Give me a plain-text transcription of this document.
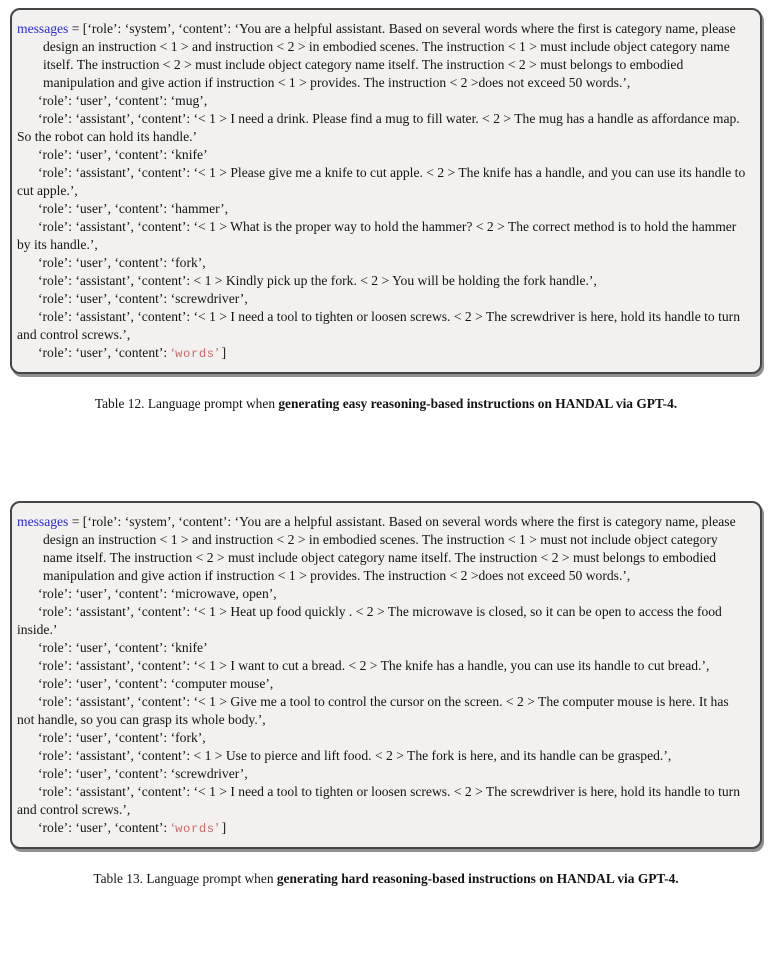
messages = [‘role’: ‘system’, ‘content’: ‘You are a helpful assistant. Based on several words where the first is category name, please design an instruction < 1 > and instruction < 2 > in embodied scenes. The instruction < 1 > must include object category name itself. The instruction < 2 > must include object category name itself. The instruction < 2 > must belongs to embodied manipulation and give action if instruction < 1 > provides. The instruction < 2 >does not exceed 50 words.’,

‘role’: ‘user’, ‘content’: ‘mug’,

‘role’: ‘assistant’, ‘content’: ‘< 1 > I need a drink. Please find a mug to fill water. < 2 > The mug has a handle as affordance map. So the robot can hold its handle.’

‘role’: ‘user’, ‘content’: ‘knife’

‘role’: ‘assistant’, ‘content’: ‘< 1 > Please give me a knife to cut apple. < 2 > The knife has a handle, and you can use its handle to cut apple.’,

‘role’: ‘user’, ‘content’: ‘hammer’,

‘role’: ‘assistant’, ‘content’: ‘< 1 > What is the proper way to hold the hammer? < 2 > The correct method is to hold the hammer by its handle.’,

‘role’: ‘user’, ‘content’: ‘fork’,

‘role’: ‘assistant’, ‘content’: < 1 > Kindly pick up the fork. < 2 > You will be holding the fork handle.’,

‘role’: ‘user’, ‘content’: ‘screwdriver’,

‘role’: ‘assistant’, ‘content’: ‘< 1 > I need a tool to tighten or loosen screws. < 2 > The screwdriver is here, hold its handle to turn and control screws.’,

‘role’: ‘user’, ‘content’: ‘words’ ]

Table 12. Language prompt when generating easy reasoning-based instructions on HANDAL via GPT-4.

messages = [‘role’: ‘system’, ‘content’: ‘You are a helpful assistant. Based on several words where the first is category name, please design an instruction < 1 > and instruction < 2 > in embodied scenes. The instruction < 1 > must not include object category name itself. The instruction < 2 > must include object category name itself. The instruction < 2 > must belongs to embodied manipulation and give action if instruction < 1 > provides. The instruction < 2 >does not exceed 50 words.’,

‘role’: ‘user’, ‘content’: ‘microwave, open’,

‘role’: ‘assistant’, ‘content’: ‘< 1 > Heat up food quickly . < 2 > The microwave is closed, so it can be open to access the food inside.’

‘role’: ‘user’, ‘content’: ‘knife’

‘role’: ‘assistant’, ‘content’: ‘< 1 > I want to cut a bread. < 2 > The knife has a handle, you can use its handle to cut bread.’,

‘role’: ‘user’, ‘content’: ‘computer mouse’,

‘role’: ‘assistant’, ‘content’: ‘< 1 > Give me a tool to control the cursor on the screen. < 2 > The computer mouse is here. It has not handle, so you can grasp its whole body.’,

‘role’: ‘user’, ‘content’: ‘fork’,

‘role’: ‘assistant’, ‘content’: < 1 > Use to pierce and lift food. < 2 > The fork is here, and its handle can be grasped.’,

‘role’: ‘user’, ‘content’: ‘screwdriver’,

‘role’: ‘assistant’, ‘content’: ‘< 1 > I need a tool to tighten or loosen screws. < 2 > The screwdriver is here, hold its handle to turn and control screws.’,

‘role’: ‘user’, ‘content’: ‘words’ ]

Table 13. Language prompt when generating hard reasoning-based instructions on HANDAL via GPT-4.
